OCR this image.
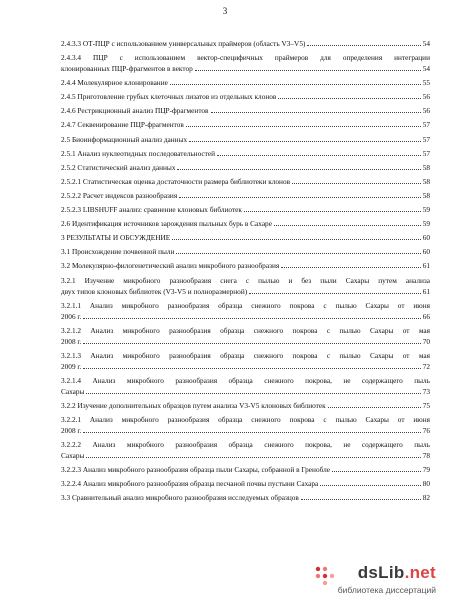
3
2.4.3.3 ОТ-ПЦР с использованием универсальных праймеров (область V3–V5)	54
2.4.3.4 ПЦР с использованием вектор-специфичных праймеров для определения интеграции
клонированных ПЦР-фрагментов в вектор	54
2.4.4 Молекулярное клонирование	55
2.4.5 Приготовление грубых клеточных лизатов из отдельных клонов	56
2.4.6 Рестрикционный анализ ПЦР-фрагментов	56
2.4.7 Секвенирование ПЦР-фрагментов	57
2.5 Биоинформационный анализ данных	57
2.5.1 Анализ нуклеотидных последовательностей	57
2.5.2 Статистический анализ данных	58
2.5.2.1 Статистическая оценка достаточности размера библиотеки клонов	58
2.5.2.2 Расчет индексов разнообразия	58
2.5.2.3 LIBSHUFF анализ: сравнение клоновых библиотек	59
2.6 Идентификация источников зарождения пыльных бурь в Сахаре	59
3 РЕЗУЛЬТАТЫ И ОБСУЖДЕНИЕ	60
3.1 Происхождение почвенной пыли	60
3.2 Молекулярно-филогенетический анализ микробного разнообразия	61
3.2.1 Изучение микробного разнообразия снега с пылью и без пыли Сахары путем анализа
двух типов клоновых библиотек (V3-V5 и полноразмерной)	61
3.2.1.1 Анализ микробного разнообразия образца снежного покрова с пылью Сахары от июня
2006 г.	66
3.2.1.2 Анализ микробного разнообразия образца снежного покрова с пылью Сахары от мая
2008 г.	70
3.2.1.3 Анализ микробного разнообразия образца снежного покрова с пылью Сахары от мая
2009 г.	72
3.2.1.4 Анализ микробного разнообразия образца снежного покрова, не содержащего пыль
Сахары	73
3.2.2 Изучение дополнительных образцов путем анализа V3-V5 клоновых библиотек	75
3.2.2.1 Анализ микробного разнообразия образца снежного покрова с пылью Сахары от июня
2008 г.	76
3.2.2.2 Анализ микробного разнообразия образца снежного покрова, не содержащего пыль
Сахары	78
3.2.2.3 Анализ микробного разнообразия образца пыли Сахары, собранной в Гренобле	79
3.2.2.4 Анализ микробного разнообразия образца песчаной почвы пустыни Сахара	80
3.3 Сравнительный анализ микробного разнообразия исследуемых образцов	82
dsLib.net
библиотека диссертаций
